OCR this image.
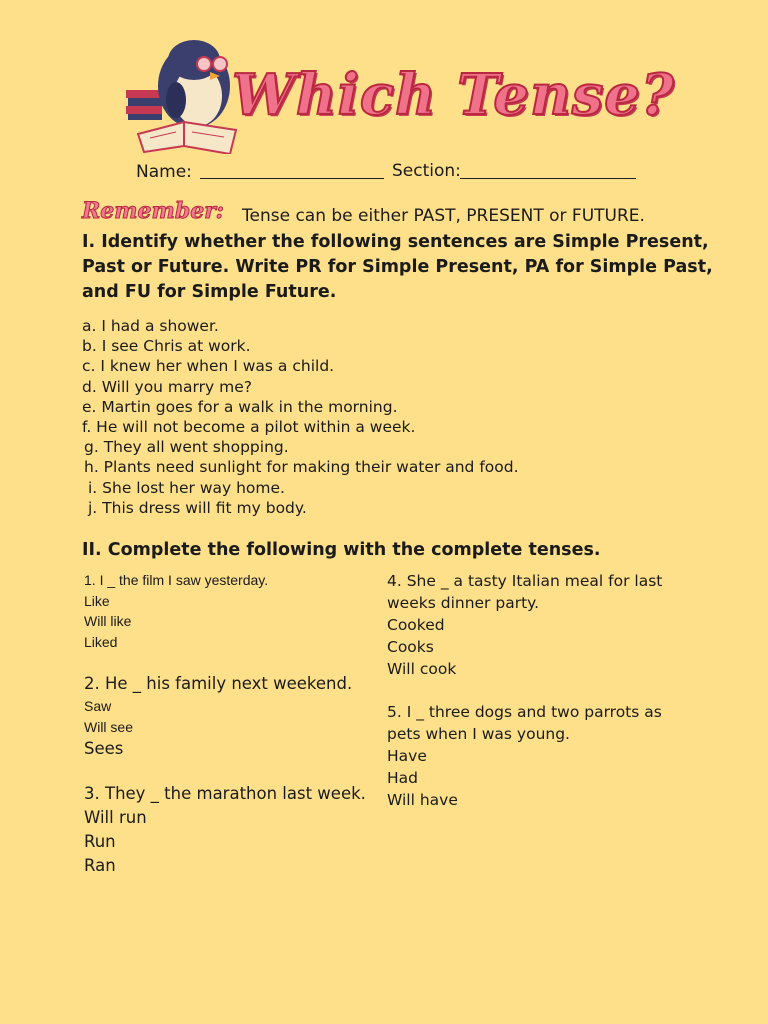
Which Tense?
Name:	Section:
Remember: Tense can be either PAST, PRESENT or FUTURE.
I. Identify whether the following sentences are Simple Present, Past or Future. Write PR for Simple Present, PA for Simple Past, and FU for Simple Future.
a. I had a shower.
b. I see Chris at work.
c. I knew her when I was a child.
d. Will you marry me?
e. Martin goes for a walk in the morning.
f. He will not become a pilot within a week.
g. They all went shopping.
h. Plants need sunlight for making their water and food.
i. She lost her way home.
j. This dress will fit my body.
II. Complete the following with the complete tenses.
1. I _ the film I saw yesterday.
Like
Will like
Liked
2. He _ his family next weekend.
Saw
Will see
Sees
3. They _ the marathon last week.
Will run
Run
Ran
4. She _ a tasty Italian meal for last
weeks dinner party.
Cooked
Cooks
Will cook
5. I _ three dogs and two parrots as
pets when I was young.
Have
Had
Will have
